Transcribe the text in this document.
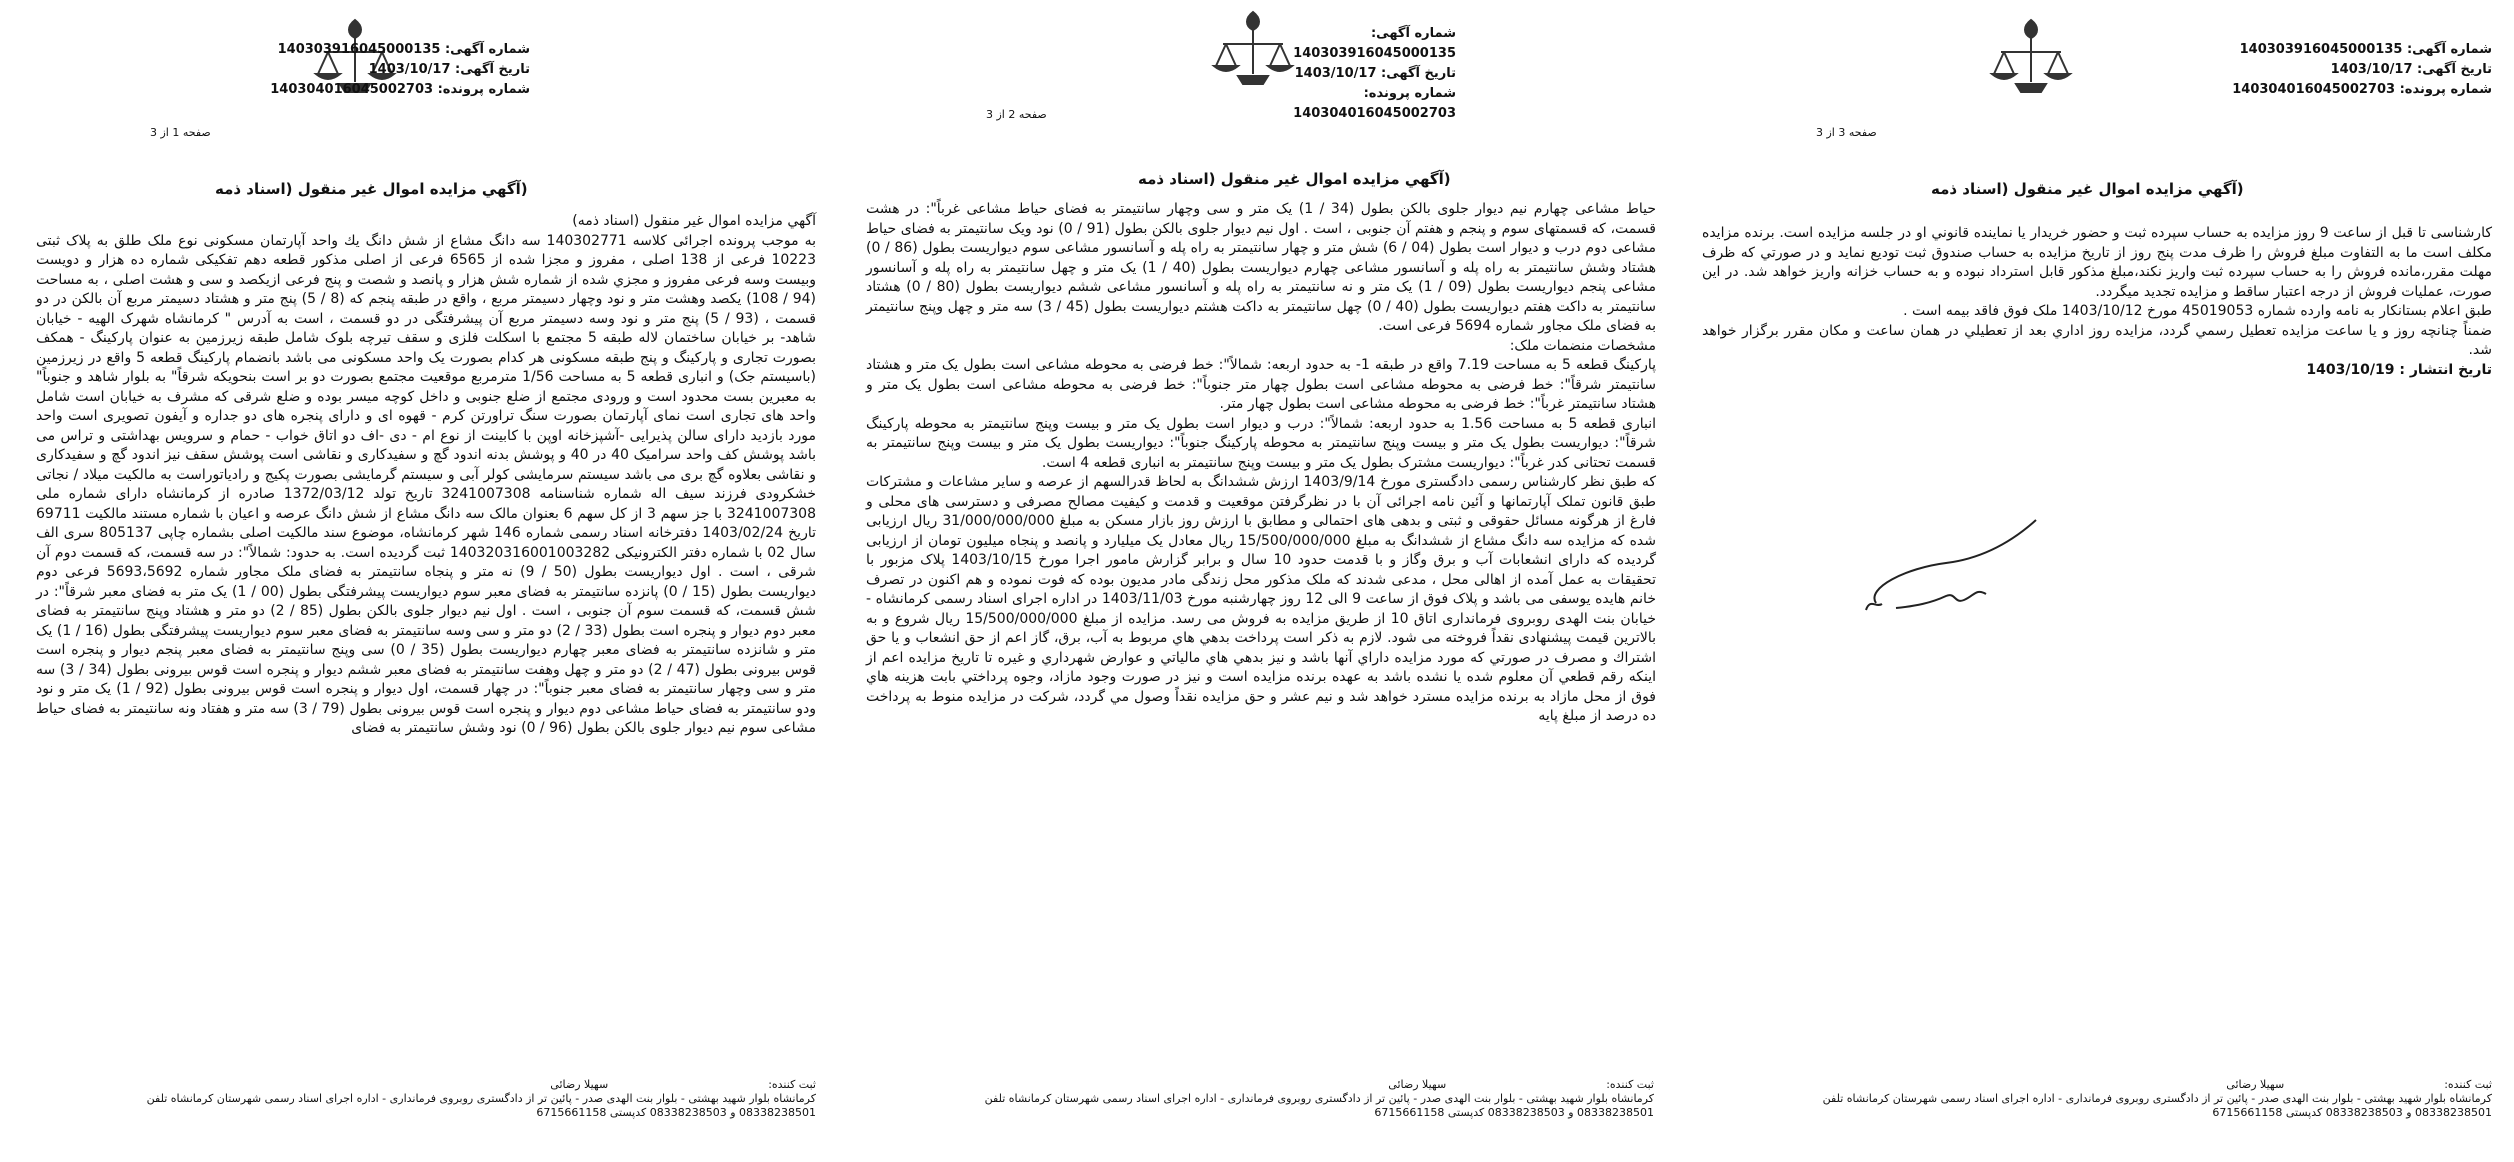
شماره آگهی: 140303916045000135
تاریخ آگهی: 1403/10/17
شماره پرونده: 140304016045002703
صفحه 1 از 3
(آگهي مزايده اموال غير منقول (اسناد ذمه

آگهي مزايده اموال غير منقول (اسناد ذمه)

به موجب پرونده اجرائی کلاسه 140302771 سه دانگ مشاع از شش دانگ یك واحد آپارتمان مسکونی نوع ملک طلق به پلاک ثبتی 10223 فرعی از 138 اصلی ، مفروز و مجزا شده از 6565 فرعی از اصلی مذکور قطعه دهم تفکیکی شماره ده هزار و دویست وبیست وسه فرعی مفروز و مجزي شده از شماره شش هزار و پانصد و شصت و پنج فرعی ازیکصد و سی و هشت اصلی ، به مساحت (94 / 108) یکصد وهشت متر و نود وچهار دسیمتر مربع ، واقع در طبقه پنجم که (8 / 5) پنج متر و هشتاد دسیمتر مربع آن بالکن در دو قسمت ، (93 / 5) پنج متر و نود وسه دسیمتر مربع آن پیشرفتگی در دو قسمت ، است به آدرس " کرمانشاه شهرک الهیه - خیابان شاهد- بر خیابان ساختمان لاله طبقه 5 مجتمع با اسکلت فلزی و سقف تیرچه بلوک شامل طبقه زیرزمین به عنوان پارکینگ - همکف بصورت تجاری و پارکینگ و پنج طبقه مسکونی هر کدام بصورت یک واحد مسکونی می باشد بانضمام پارکینگ قطعه 5 واقع در زیرزمین (باسیستم جک) و انباری قطعه 5 به مساحت 1/56 مترمربع موقعیت مجتمع بصورت دو بر است بنحویکه شرقاً" به بلوار شاهد و جنوباً" به معبرین بست محدود است و ورودی مجتمع از ضلع جنوبی و داخل کوچه میسر بوده و ضلع شرقی که مشرف به خیابان است شامل واحد های تجاری است نمای آپارتمان بصورت سنگ تراورتن کرم - قهوه ای و دارای پنجره های دو جداره و آیفون تصویری است واحد مورد بازدید دارای سالن پذیرایی -آشپزخانه اوپن با کابینت از نوع ام - دی -اف دو اتاق خواب - حمام و سرویس بهداشتی و تراس می باشد پوشش کف واحد سرامیک 40 در 40 و پوشش بدنه اندود گچ و سفیدکاری و نقاشی است پوشش سقف نیز اندود گچ و سفیدکاری و نقاشی بعلاوه گچ بری می باشد سیستم سرمایشی کولر آبی و سیستم گرمایشی بصورت پکیج و رادیاتوراست به مالکیت میلاد / نجاتی خشکرودی فرزند سیف اله شماره شناسنامه 3241007308 تاریخ تولد 1372/03/12 صادره از کرمانشاه دارای شماره ملی 3241007308 با جز سهم 3 از کل سهم 6 بعنوان مالک سه دانگ مشاع از شش دانگ عرصه و اعیان با شماره مستند مالکیت 69711 تاریخ 1403/02/24 دفترخانه اسناد رسمی شماره 146 شهر کرمانشاه، موضوع سند مالکیت اصلی بشماره چاپی 805137 سری الف سال 02 با شماره دفتر الکترونیکی 140320316001003282 ثبت گردیده است. به حدود: شمالاً": در سه قسمت، که قسمت دوم آن شرقی ، است . اول دیواریست بطول (50 / 9) نه متر و پنجاه سانتیمتر به فضای ملک مجاور شماره 5693،5692 فرعی دوم دیواریست بطول (15 / 0) پانزده سانتیمتر به فضای معبر سوم دیواریست پیشرفتگی بطول (00 / 1) یک متر به فضای معبر شرقاً": در شش قسمت، که قسمت سوم آن جنوبی ، است . اول نیم دیوار جلوی بالکن بطول (85 / 2) دو متر و هشتاد وپنج سانتیمتر به فضای معبر دوم دیوار و پنجره است بطول (33 / 2) دو متر و سی وسه سانتیمتر به فضای معبر سوم دیواریست پیشرفتگی بطول (16 / 1) یک متر و شانزده سانتیمتر به فضای معبر چهارم دیواریست بطول (35 / 0) سی وپنج سانتیمتر به فضای معبر پنجم دیوار و پنجره است قوس بیرونی بطول (47 / 2) دو متر و چهل وهفت سانتیمتر به فضای معبر ششم دیوار و پنجره است قوس بیرونی بطول (34 / 3) سه متر و سی وچهار سانتیمتر به فضای معبر جنوباً": در چهار قسمت، اول دیوار و پنجره است قوس بیرونی بطول (92 / 1) یک متر و نود ودو سانتیمتر به فضای حیاط مشاعی دوم دیوار و پنجره است قوس بیرونی بطول (79 / 3) سه متر و هفتاد ونه سانتیمتر به فضای حیاط مشاعی سوم نیم دیوار جلوی بالکن بطول (96 / 0) نود وشش سانتیمتر به فضای

ثبت کننده:سهیلا رضائی
کرمانشاه بلوار شهید بهشتی - بلوار بنت الهدی صدر - پائین تر از دادگستری روبروی فرمانداری - اداره اجرای اسناد رسمی شهرستان کرمانشاه تلفن
08338238501 و 08338238503 کدپستی 6715661158
شماره آگهی: 140303916045000135
تاریخ آگهی: 1403/10/17
شماره پرونده: 140304016045002703
صفحه 2 از 3
(آگهي مزايده اموال غير منقول (اسناد ذمه

حیاط مشاعی چهارم نیم دیوار جلوی بالکن بطول (34 / 1) یک متر و سی وچهار سانتیمتر به فضای حیاط مشاعی غرباً": در هشت قسمت، که قسمتهای سوم و پنجم و هفتم آن جنوبی ، است . اول نیم دیوار جلوی بالکن بطول (91 / 0) نود ویک سانتیمتر به فضای حیاط مشاعی دوم درب و دیوار است بطول (04 / 6) شش متر و چهار سانتیمتر به راه پله و آسانسور مشاعی سوم دیواریست بطول (86 / 0) هشتاد وشش سانتیمتر به راه پله و آسانسور مشاعی چهارم دیواریست بطول (40 / 1) یک متر و چهل سانتیمتر به راه پله و آسانسور مشاعی پنجم دیواریست بطول (09 / 1) یک متر و نه سانتیمتر به راه پله و آسانسور مشاعی ششم دیواریست بطول (80 / 0) هشتاد سانتیمتر به داکت هفتم دیواریست بطول (40 / 0) چهل سانتیمتر به داکت هشتم دیواریست بطول (45 / 3) سه متر و چهل وپنج سانتیمتر به فضای ملک مجاور شماره 5694 فرعی است.

مشخصات منضمات ملک:

پارکینگ قطعه 5 به مساحت 7.19 واقع در طبقه 1- به حدود اربعه: شمالاً": خط فرضی به محوطه مشاعی است بطول یک متر و هشتاد سانتیمتر شرقاً": خط فرضی به محوطه مشاعی است بطول چهار متر جنوباً": خط فرضی به محوطه مشاعی است بطول یک متر و هشتاد سانتیمتر غرباً": خط فرضی به محوطه مشاعی است بطول چهار متر.

انباری قطعه 5 به مساحت 1.56 به حدود اربعه: شمالاً": درب و دیوار است بطول یک متر و بیست وپنج سانتیمتر به محوطه پارکینگ شرقاً": دیواریست بطول یک متر و بیست وپنج سانتیمتر به محوطه پارکینگ جنوباً": دیواریست بطول یک متر و بیست وپنج سانتیمتر به قسمت تحتانی کدر غرباً": دیواریست مشترک بطول یک متر و بیست وپنج سانتیمتر به انباری قطعه 4 است.

که طبق نظر کارشناس رسمی دادگستری مورخ 1403/9/14 ارزش ششدانگ به لحاظ قدرالسهم از عرصه و سایر مشاعات و مشترکات طبق قانون تملک آپارتمانها و آئین نامه اجرائی آن با در نظرگرفتن موقعیت و قدمت و کیفیت مصالح مصرفی و دسترسی های محلی و فارغ از هرگونه مسائل حقوقی و ثبتی و بدهی های احتمالی و مطابق با ارزش روز بازار مسکن به مبلغ 31/000/000/000 ریال ارزیابی شده که مزایده سه دانگ مشاع از ششدانگ به مبلغ 15/500/000/000 ریال معادل یک میلیارد و پانصد و پنجاه میلیون تومان از ارزیابی گردیده که دارای انشعابات آب و برق وگاز و با قدمت حدود 10 سال و برابر گزارش مامور اجرا مورخ 1403/10/15 پلاک مزبور با تحقیقات به عمل آمده از اهالی محل ، مدعی شدند که ملک مذکور محل زندگی مادر مدیون بوده که فوت نموده و هم اکنون در تصرف خانم هایده یوسفی می باشد و پلاک فوق از ساعت 9 الی 12 روز چهارشنبه مورخ 1403/11/03 در اداره اجرای اسناد رسمی کرمانشاه - خیابان بنت الهدی روبروی فرمانداری اتاق 10 از طریق مزایده به فروش می رسد. مزایده از مبلغ 15/500/000/000 ریال شروع و به بالاترین قیمت پیشنهادی نقداً فروخته می شود. لازم به ذکر است پرداخت بدهي هاي مربوط به آب، برق، گاز اعم از حق انشعاب و یا حق اشتراك و مصرف در صورتي که مورد مزايده داراي آنها باشد و نيز بدهي هاي مالياتي و عوارض شهرداري و غيره تا تاريخ مزايده اعم از اينکه رقم قطعي آن معلوم شده يا نشده باشد به عهده برنده مزايده است و نيز در صورت وجود مازاد، وجوه پرداختي بابت هزينه هاي فوق از محل مازاد به برنده مزايده مسترد خواهد شد و نيم عشر و حق مزايده نقداً وصول مي گردد، شرکت در مزايده منوط به پرداخت ده درصد از مبلغ پايه

ثبت کننده:سهیلا رضائی
کرمانشاه بلوار شهید بهشتی - بلوار بنت الهدی صدر - پائین تر از دادگستری روبروی فرمانداری - اداره اجرای اسناد رسمی شهرستان کرمانشاه تلفن
08338238501 و 08338238503 کدپستی 6715661158
شماره آگهی: 140303916045000135
تاریخ آگهی: 1403/10/17
شماره پرونده: 140304016045002703
صفحه 3 از 3
(آگهي مزايده اموال غير منقول (اسناد ذمه

کارشناسی تا قبل از ساعت 9 روز مزايده به حساب سپرده ثبت و حضور خريدار يا نماينده قانوني او در جلسه مزايده است. برنده مزايده مکلف است ما به التفاوت مبلغ فروش را ظرف مدت پنج روز از تاريخ مزايده به حساب صندوق ثبت توديع نمايد و در صورتي که ظرف مهلت مقرر،مانده فروش را به حساب سپرده ثبت واريز نکند،مبلغ مذکور قابل استرداد نبوده و به حساب خزانه واريز خواهد شد. در اين صورت، عمليات فروش از درجه اعتبار ساقط و مزايده تجديد ميگردد.

طبق اعلام بستانکار به نامه وارده شماره 45019053 مورخ 1403/10/12 ملک فوق فاقد بیمه است .

ضمناً چنانچه روز و يا ساعت مزايده تعطيل رسمي گردد، مزايده روز اداري بعد از تعطيلي در همان ساعت و مکان مقرر برگزار خواهد شد.

تاريخ انتشار : 1403/10/19

ثبت کننده:سهیلا رضائی
کرمانشاه بلوار شهید بهشتی - بلوار بنت الهدی صدر - پائین تر از دادگستری روبروی فرمانداری - اداره اجرای اسناد رسمی شهرستان کرمانشاه تلفن
08338238501 و 08338238503 کدپستی 6715661158
